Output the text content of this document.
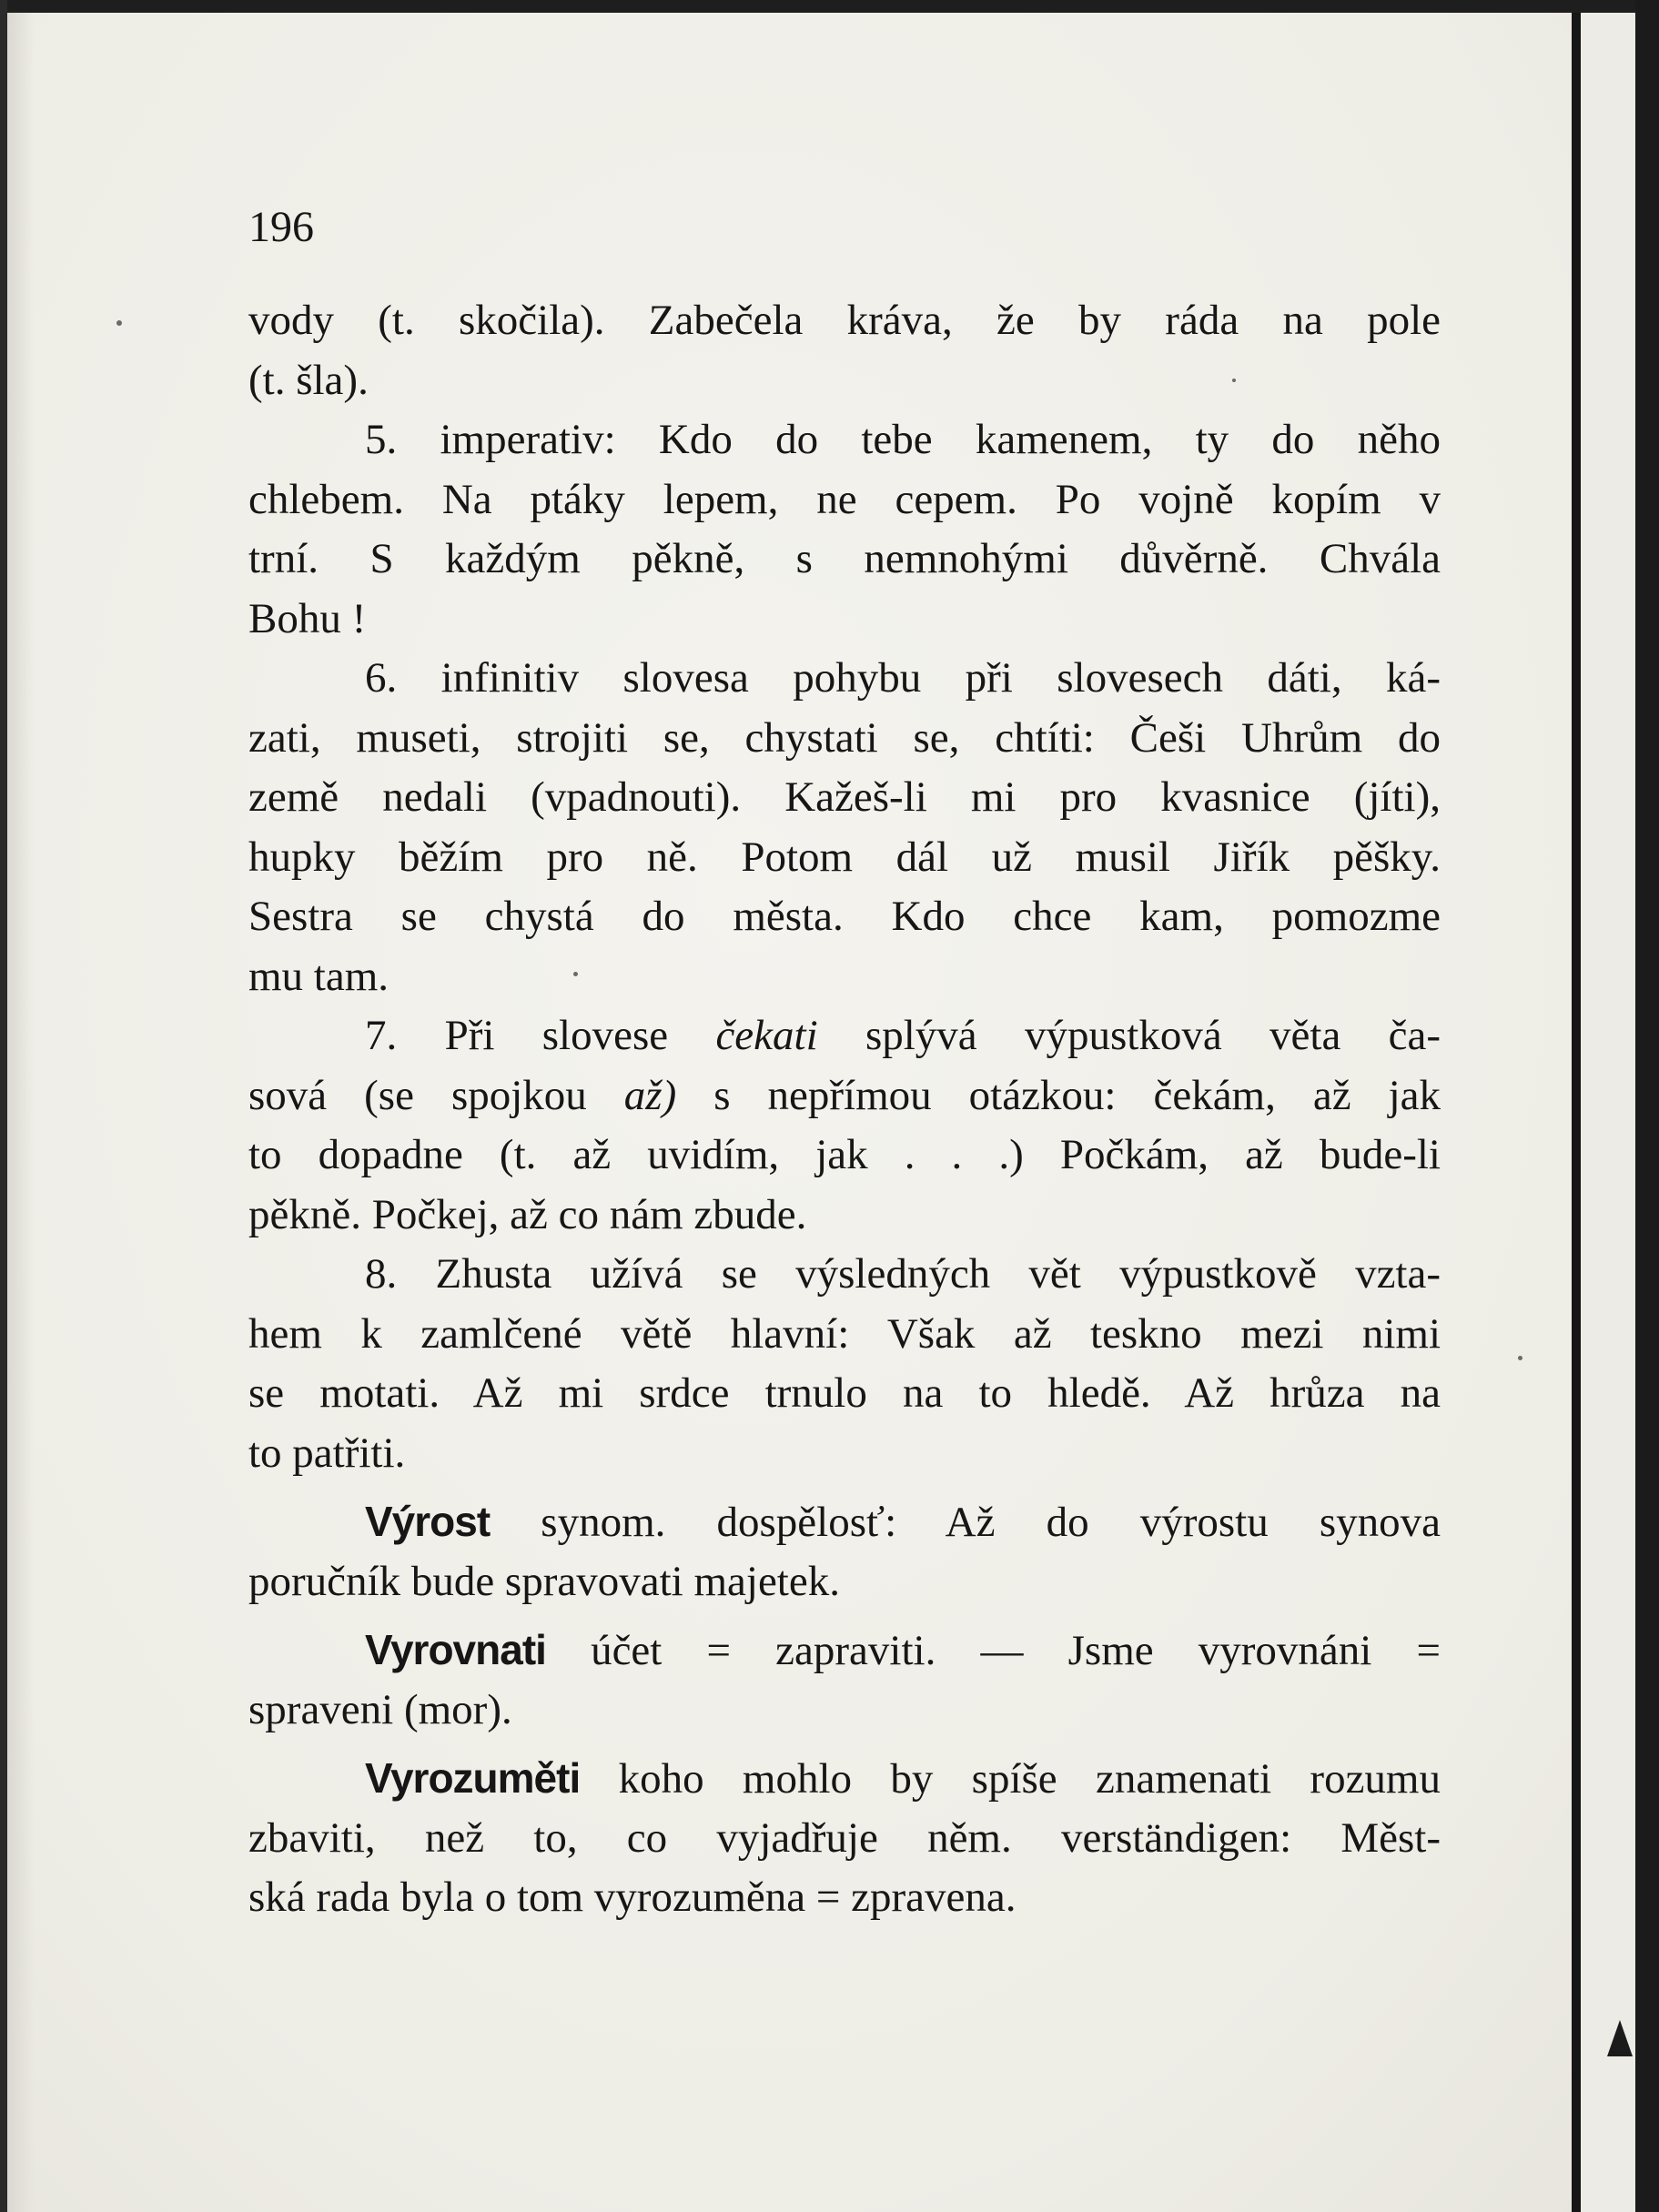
196
vody (t. skočila). Zabečela kráva, že by ráda na pole
(t. šla).
5. imperativ: Kdo do tebe kamenem, ty do něho
chlebem. Na ptáky lepem, ne cepem. Po vojně kopím v
trní. S každým pěkně, s nemnohými důvěrně. Chvála
Bohu !
6. infinitiv slovesa pohybu při slovesech dáti, ká-
zati, museti, strojiti se, chystati se, chtíti: Češi Uhrům do
země nedali (vpadnouti). Kažeš-li mi pro kvasnice (jíti),
hupky běžím pro ně. Potom dál už musil Jiřík pěšky.
Sestra se chystá do města. Kdo chce kam, pomozme
mu tam.
7. Při slovese čekati splývá výpustková věta ča-
sová (se spojkou až) s nepřímou otázkou: čekám, až jak
to dopadne (t. až uvidím, jak . . .) Počkám, až bude-li
pěkně. Počkej, až co nám zbude.
8. Zhusta užívá se výsledných vět výpustkově vzta-
hem k zamlčené větě hlavní: Však až teskno mezi nimi
se motati. Až mi srdce trnulo na to hledě. Až hrůza na
to patřiti.
Výrost synom. dospělosť: Až do výrostu synova
poručník bude spravovati majetek.
Vyrovnati účet = zapraviti. — Jsme vyrovnáni =
spraveni (mor).
Vyrozuměti koho mohlo by spíše znamenati rozumu
zbaviti, než to, co vyjadřuje něm. verständigen: Měst-
ská rada byla o tom vyrozuměna = zpravena.
